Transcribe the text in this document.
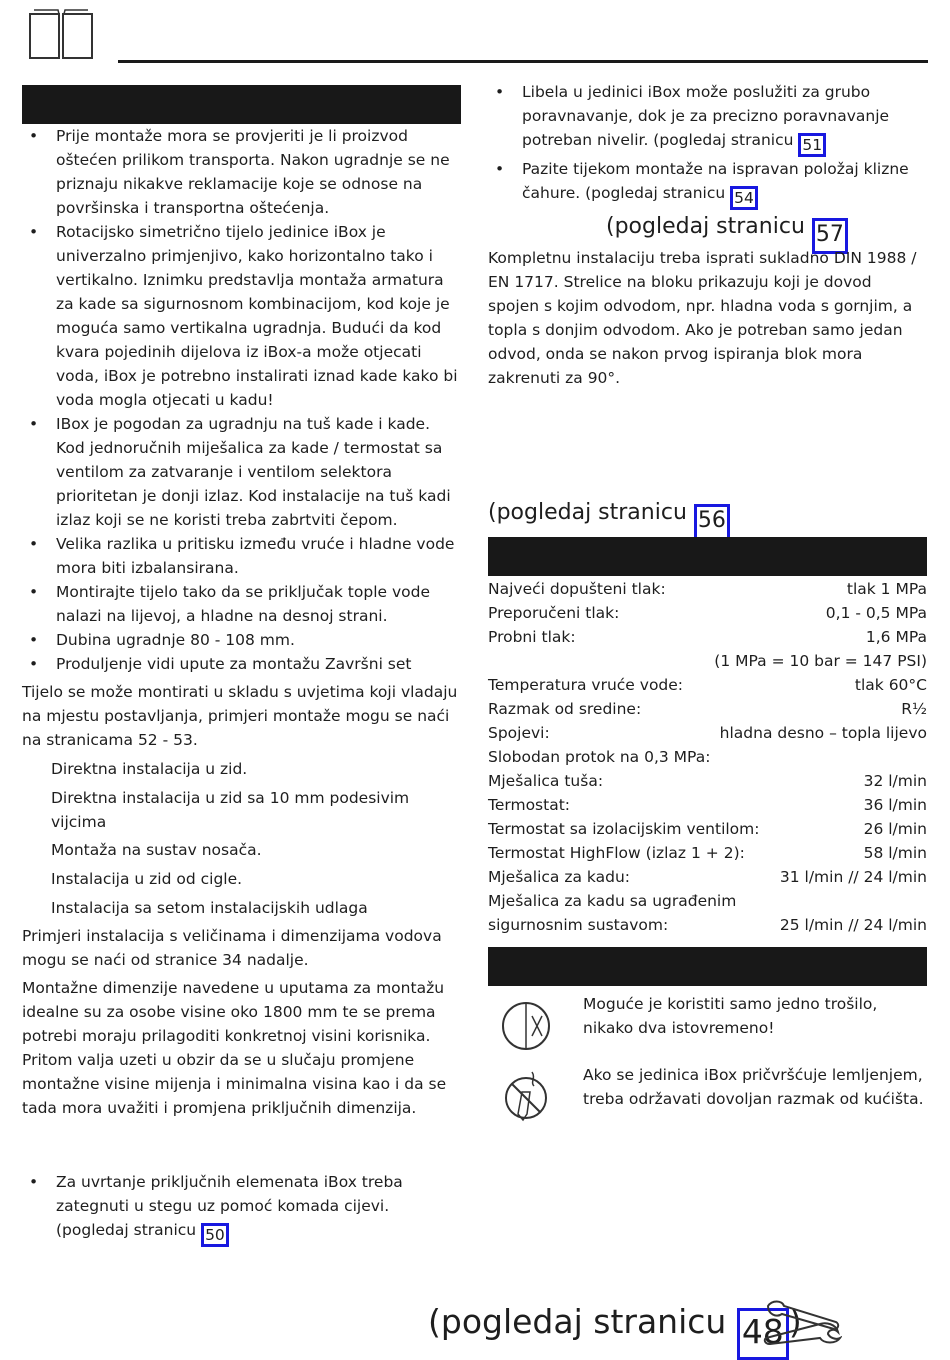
• Prije montaže mora se provjeriti je li proizvod
oštećen prilikom transporta. Nakon ugradnje se ne
priznaju nikakve reklamacije koje se odnose na
površinska i transportna oštećenja.
• Rotacijsko simetrično tijelo jedinice iBox je
univerzalno primjenjivo, kako horizontalno tako i
vertikalno. Iznimku predstavlja montaža armatura
za kade sa sigurnosnom kombinacijom, kod koje je
moguća samo vertikalna ugradnja. Budući da kod
kvara pojedinih dijelova iz iBox-a može otjecati
voda, iBox je potrebno instalirati iznad kade kako bi
voda mogla otjecati u kadu!
• IBox je pogodan za ugradnju na tuš kade i kade.
Kod jednoručnih miješalica za kade / termostat sa
ventilom za zatvaranje i ventilom selektora
prioritetan je donji izlaz. Kod instalacije na tuš kadi
izlaz koji se ne koristi treba zabrtviti čepom.
• Velika razlika u pritisku između vruće i hladne vode
mora biti izbalansirana.
• Montirajte tijelo tako da se priključak tople vode
nalazi na lijevoj, a hladne na desnoj strani.
• Dubina ugradnje 80 - 108 mm.
• Produljenje vidi upute za montažu Završni set
Tijelo se može montirati u skladu s uvjetima koji vladaju
na mjestu postavljanja, primjeri montaže mogu se naći
na stranicama 52 - 53.
Direktna instalacija u zid.
Direktna instalacija u zid sa 10 mm podesivim
vijcima
Montaža na sustav nosača.
Instalacija u zid od cigle.
Instalacija sa setom instalacijskih udlaga
Primjeri instalacija s veličinama i dimenzijama vodova
mogu se naći od stranice 34 nadalje.
Montažne dimenzije navedene u uputama za montažu
idealne su za osobe visine oko 1800 mm te se prema
potrebi moraju prilagoditi konkretnoj visini korisnika.
Pritom valja uzeti u obzir da se u slučaju promjene
montažne visine mijenja i minimalna visina kao i da se
tada mora uvažiti i promjena priključnih dimenzija.
• Za uvrtanje priključnih elemenata iBox treba
zategnuti u stegu uz pomoć komada cijevi.
(pogledaj stranicu 50
• Libela u jedinici iBox može poslužiti za grubo
poravnavanje, dok je za precizno poravnavanje
potreban nivelir. (pogledaj stranicu 51
• Pazite tijekom montaže na ispravan položaj klizne
čahure. (pogledaj stranicu 54
(pogledaj stranicu 57
Kompletnu instalaciju treba isprati sukladno DIN 1988 /
EN 1717. Strelice na bloku prikazuju koji je dovod
spojen s kojim odvodom, npr. hladna voda s gornjim, a
topla s donjim odvodom. Ako je potreban samo jedan
odvod, onda se nakon prvog ispiranja blok mora
zakrenuti za 90°.
(pogledaj stranicu 56
Najveći dopušteni tlak:	tlak 1 MPa
Preporučeni tlak:	0,1 - 0,5 MPa
Probni tlak:	1,6 MPa
(1 MPa = 10 bar = 147 PSI)
Temperatura vruće vode:	tlak 60°C
Razmak od sredine:	R½
Spojevi:	hladna desno – topla lijevo
Slobodan protok na 0,3 MPa:
Mješalica tuša:	32 l/min
Termostat:	36 l/min
Termostat sa izolacijskim ventilom:	26 l/min
Termostat HighFlow (izlaz 1 + 2):	58 l/min
Mješalica za kadu:	31 l/min // 24 l/min
Mješalica za kadu sa ugrađenim
sigurnosnim sustavom:	25 l/min // 24 l/min
Moguće je koristiti samo jedno trošilo,
nikako dva istovremeno!
Ako se jedinica iBox pričvršćuje lemljenjem,
treba održavati dovoljan razmak od kućišta.
(pogledaj stranicu 48 )
